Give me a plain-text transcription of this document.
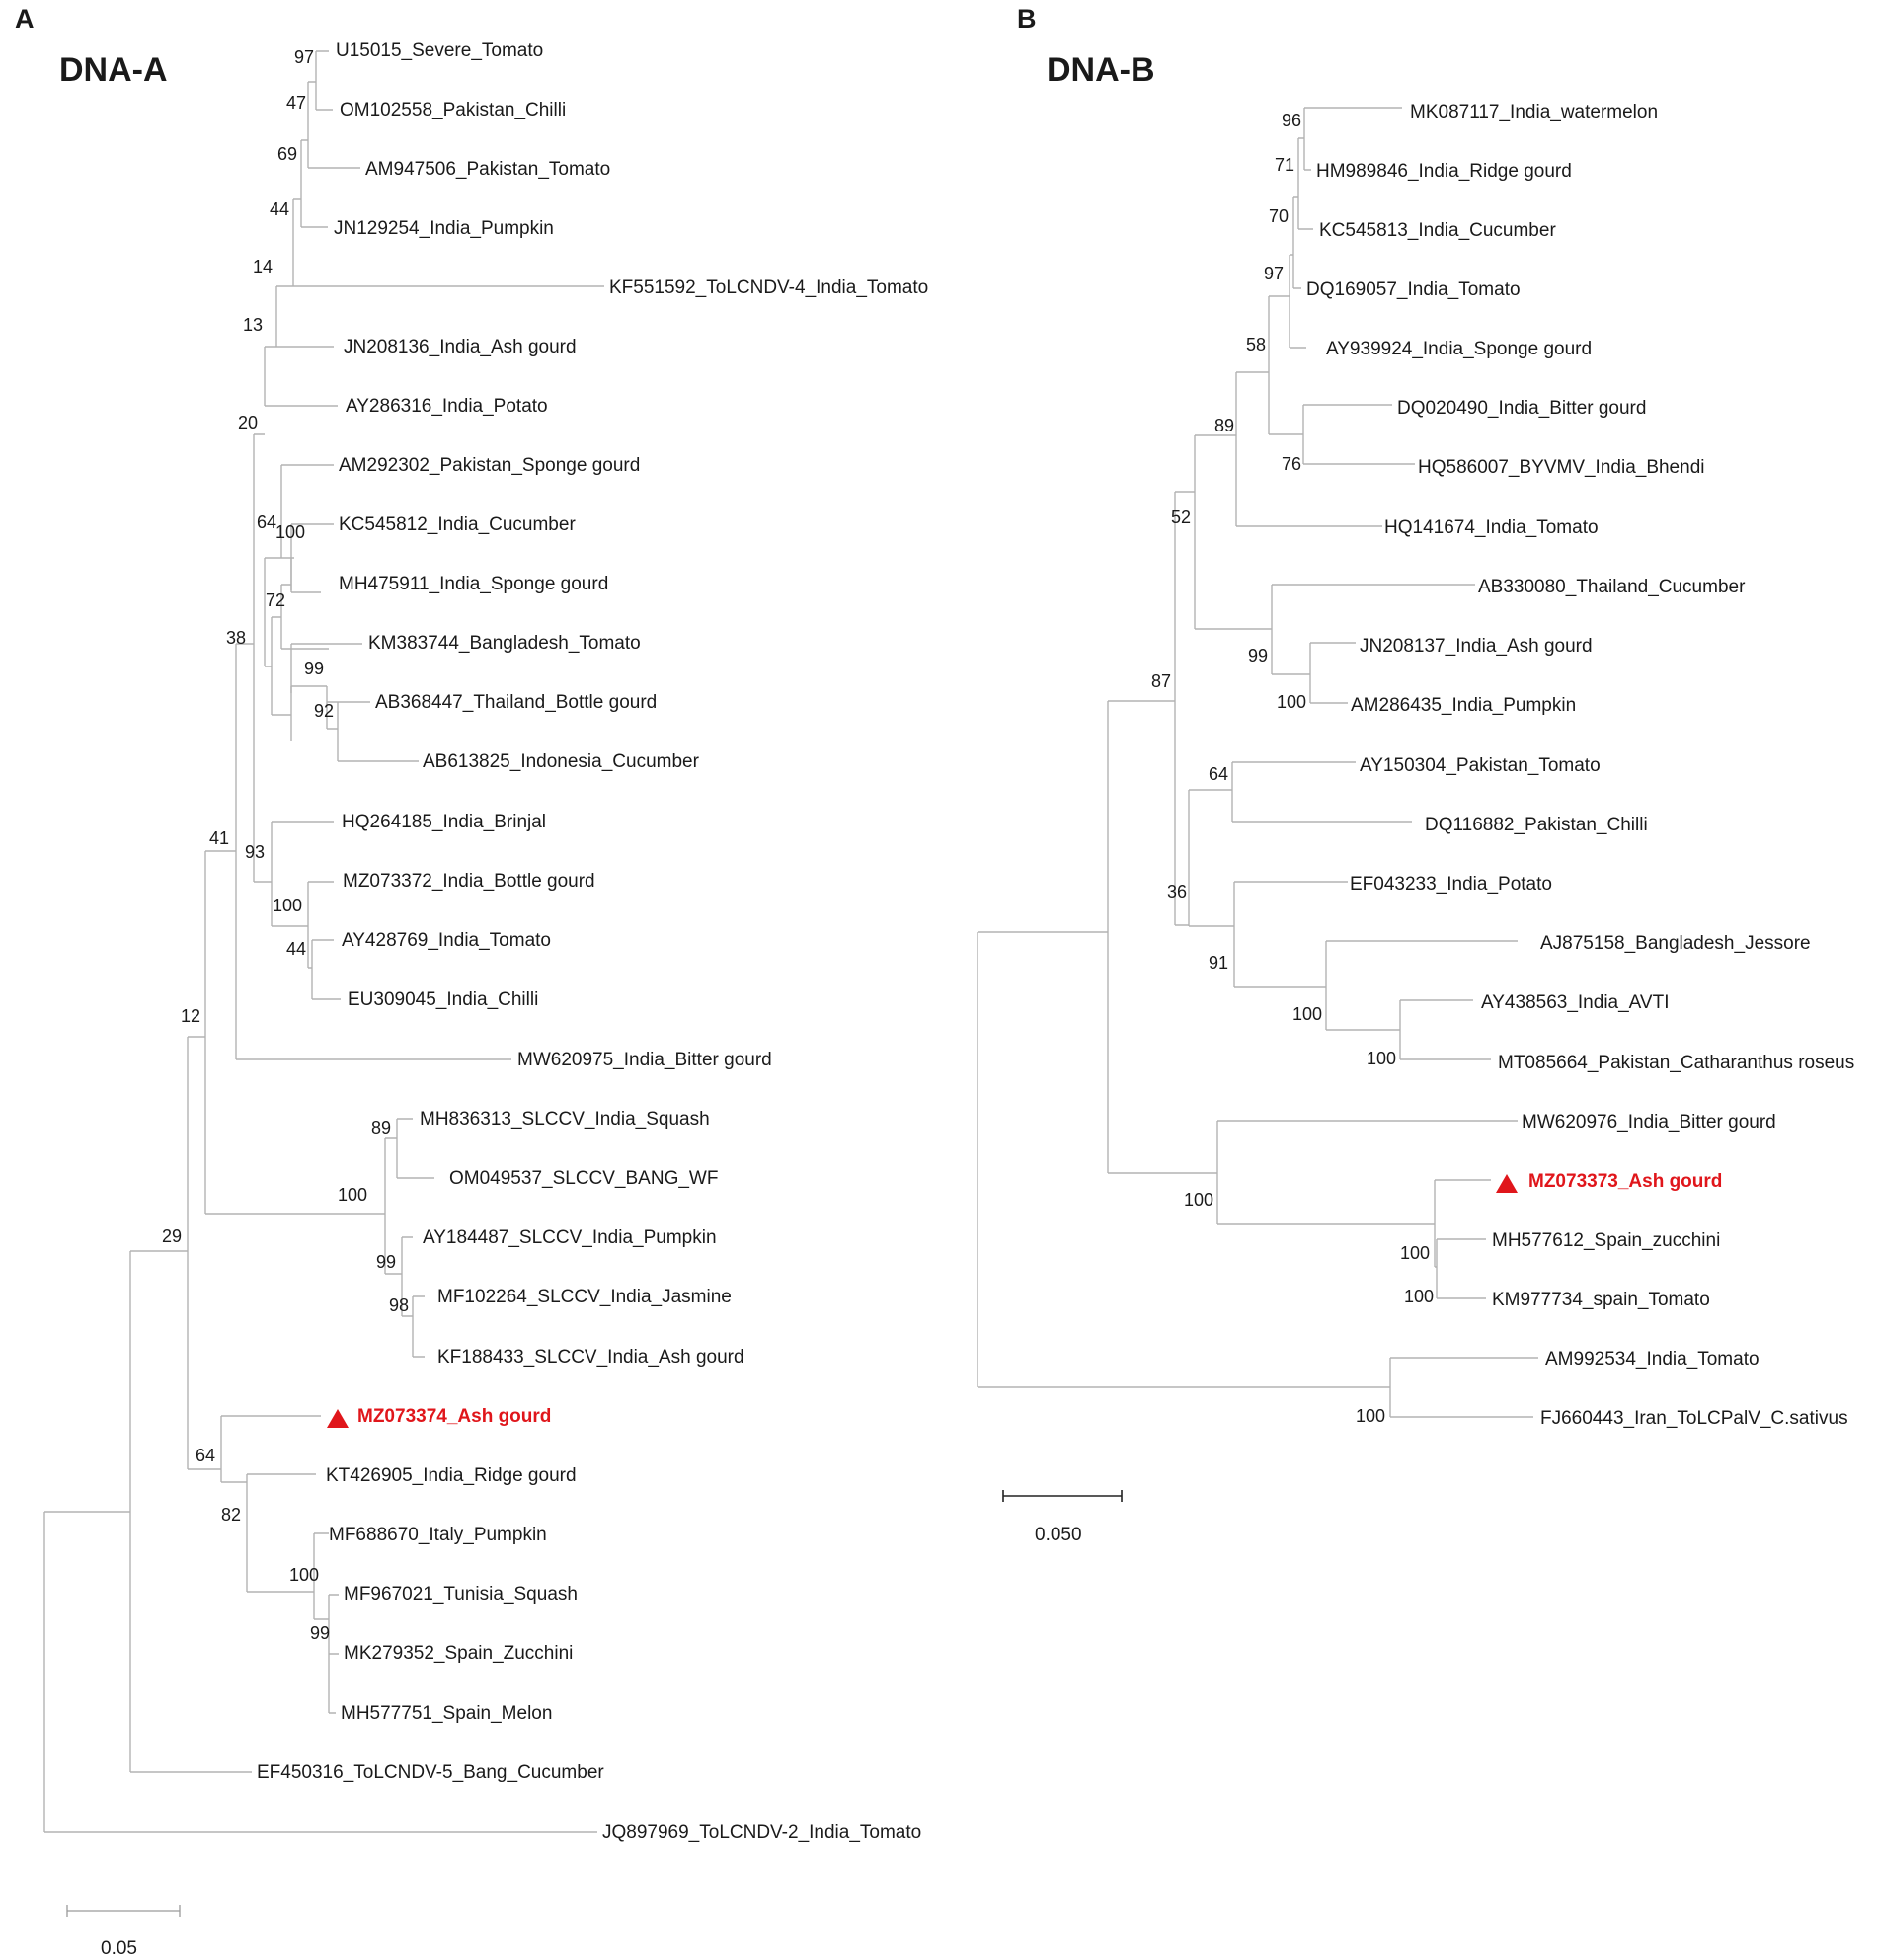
A
DNA-A
U15015_Severe_Tomato
OM102558_Pakistan_Chilli
AM947506_Pakistan_Tomato
JN129254_India_Pumpkin
KF551592_ToLCNDV-4_India_Tomato
JN208136_India_Ash gourd
AY286316_India_Potato
AM292302_Pakistan_Sponge gourd
KC545812_India_Cucumber
MH475911_India_Sponge gourd
KM383744_Bangladesh_Tomato
AB368447_Thailand_Bottle gourd
AB613825_Indonesia_Cucumber
HQ264185_India_Brinjal
MZ073372_India_Bottle gourd
AY428769_India_Tomato
EU309045_India_Chilli
MW620975_India_Bitter gourd
MH836313_SLCCV_India_Squash
OM049537_SLCCV_BANG_WF
AY184487_SLCCV_India_Pumpkin
MF102264_SLCCV_India_Jasmine
KF188433_SLCCV_India_Ash gourd
MZ073374_Ash gourd
KT426905_India_Ridge gourd
MF688670_Italy_Pumpkin
MF967021_Tunisia_Squash
MK279352_Spain_Zucchini
MH577751_Spain_Melon
EF450316_ToLCNDV-5_Bang_Cucumber
JQ897969_ToLCNDV-2_India_Tomato
97
47
69
44
14
13
20
64
100
72
99
92
38
93
100
44
41
12
89
100
99
98
29
64
82
100
99
0.05
B
DNA-B
MK087117_India_watermelon
HM989846_India_Ridge gourd
KC545813_India_Cucumber
DQ169057_India_Tomato
AY939924_India_Sponge gourd
DQ020490_India_Bitter gourd
HQ586007_BYVMV_India_Bhendi
HQ141674_India_Tomato
AB330080_Thailand_Cucumber
JN208137_India_Ash gourd
AM286435_India_Pumpkin
AY150304_Pakistan_Tomato
DQ116882_Pakistan_Chilli
EF043233_India_Potato
AJ875158_Bangladesh_Jessore
AY438563_India_AVTI
MT085664_Pakistan_Catharanthus roseus
MW620976_India_Bitter gourd
MZ073373_Ash gourd
MH577612_Spain_zucchini
KM977734_spain_Tomato
AM992534_India_Tomato
FJ660443_Iran_ToLCPalV_C.sativus
96
71
70
97
58
76
89
52
99
100
87
64
36
91
100
100
100
100
100
100
0.050
